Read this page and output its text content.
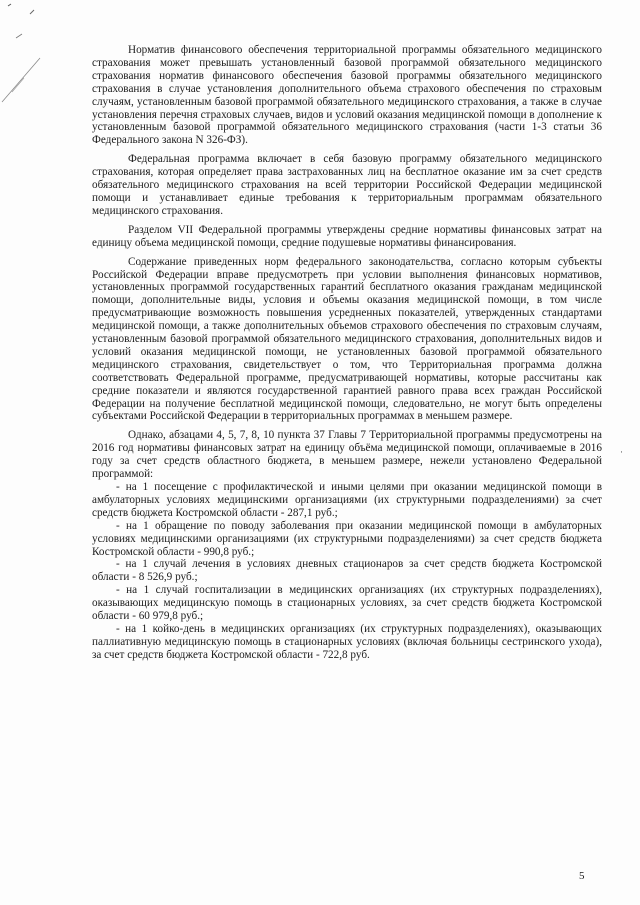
Норматив финансового обеспечения территориальной программы обязательного медицинского страхования может превышать установленный базовой программой обязательного медицинского страхования норматив финансового обеспечения базовой программы обязательного медицинского страхования в случае установления дополнительного объема страхового обеспечения по страховым случаям, установленным базовой программой обязательного медицинского страхования, а также в случае установления перечня страховых случаев, видов и условий оказания медицинской помощи в дополнение к установленным базовой программой обязательного медицинского страхования (части 1-3 статьи 36 Федерального закона N 326-ФЗ).

Федеральная программа включает в себя базовую программу обязательного медицинского страхования, которая определяет права застрахованных лиц на бесплатное оказание им за счет средств обязательного медицинского страхования на всей территории Российской Федерации медицинской помощи и устанавливает единые требования к территориальным программам обязательного медицинского страхования.

Разделом VII Федеральной программы утверждены средние нормативы финансовых затрат на единицу объема медицинской помощи, средние подушевые нормативы финансирования.

Содержание приведенных норм федерального законодательства, согласно которым субъекты Российской Федерации вправе предусмотреть при условии выполнения финансовых нормативов, установленных программой государственных гарантий бесплатного оказания гражданам медицинской помощи, дополнительные виды, условия и объемы оказания медицинской помощи, в том числе предусматривающие возможность повышения усредненных показателей, утвержденных стандартами медицинской помощи, а также дополнительных объемов страхового обеспечения по страховым случаям, установленным базовой программой обязательного медицинского страхования, дополнительных видов и условий оказания медицинской помощи, не установленных базовой программой обязательного медицинского страхования, свидетельствует о том, что Территориальная программа должна соответствовать Федеральной программе, предусматривающей нормативы, которые рассчитаны как средние показатели и являются государственной гарантией равного права всех граждан Российской Федерации на получение бесплатной медицинской помощи, следовательно, не могут быть определены субъектами Российской Федерации в территориальных программах в меньшем размере.

Однако, абзацами 4, 5, 7, 8, 10 пункта 37 Главы 7 Территориальной программы предусмотрены на 2016 год нормативы финансовых затрат на единицу объёма медицинской помощи, оплачиваемые в 2016 году за счет средств областного бюджета, в меньшем размере, нежели установлено Федеральной программой:

- на 1 посещение с профилактической и иными целями при оказании медицинской помощи в амбулаторных условиях медицинскими организациями (их структурными подразделениями) за счет средств бюджета Костромской области - 287,1 руб.;

- на 1 обращение по поводу заболевания при оказании медицинской помощи в амбулаторных условиях медицинскими организациями (их структурными подразделениями) за счет средств бюджета Костромской области - 990,8 руб.;

- на 1 случай лечения в условиях дневных стационаров за счет средств бюджета Костромской области - 8 526,9 руб.;

- на 1 случай госпитализации в медицинских организациях (их структурных подразделениях), оказывающих медицинскую помощь в стационарных условиях, за счет средств бюджета Костромской области - 60 979,8 руб.;

- на 1 койко-день в медицинских организациях (их структурных подразделениях), оказывающих паллиативную медицинскую помощь в стационарных условиях (включая больницы сестринского ухода), за счет средств бюджета Костромской области - 722,8 руб.

·
5
